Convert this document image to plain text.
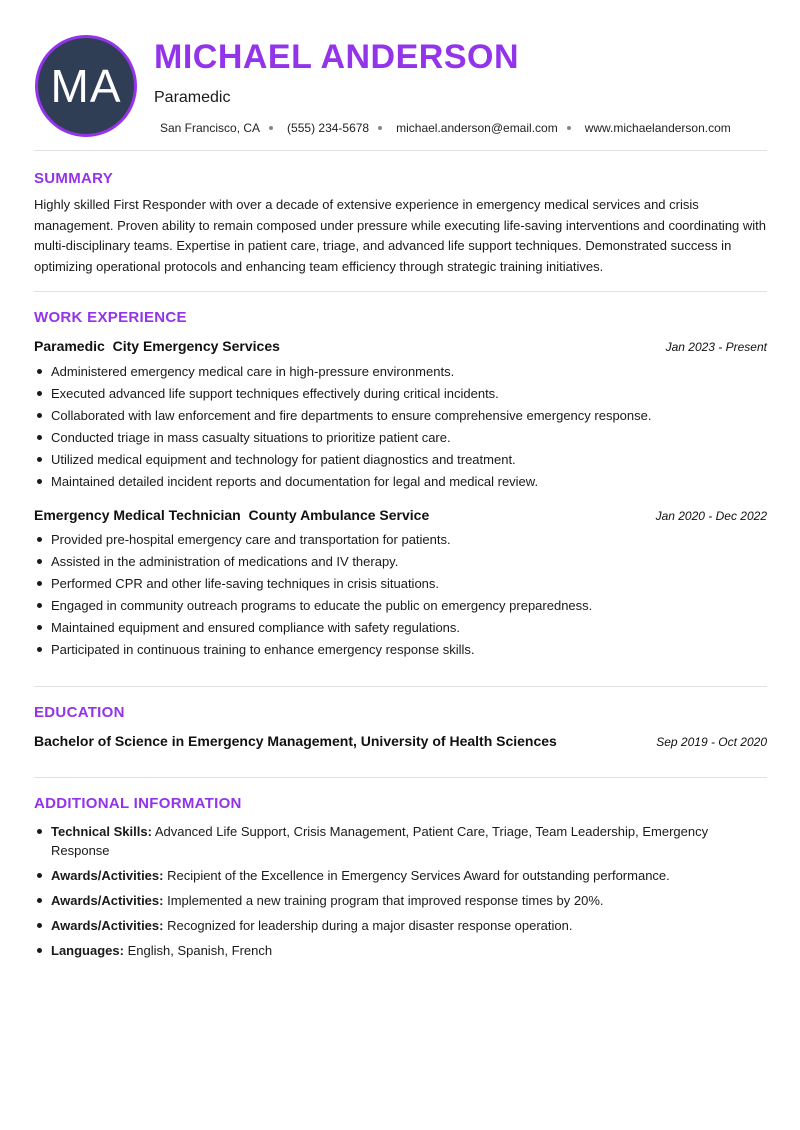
MA
MICHAEL ANDERSON
Paramedic
San Francisco, CA (555) 234-5678 michael.anderson@email.com www.michaelanderson.com
SUMMARY

Highly skilled First Responder with over a decade of extensive experience in emergency medical services and crisis management. Proven ability to remain composed under pressure while executing life-saving interventions and coordinating with multi-disciplinary teams. Expertise in patient care, triage, and advanced life support techniques. Demonstrated success in optimizing operational protocols and enhancing team efficiency through strategic training initiatives.

WORK EXPERIENCE
Paramedic  City Emergency Services	Jan 2023 - Present
Administered emergency medical care in high-pressure environments.
Executed advanced life support techniques effectively during critical incidents.
Collaborated with law enforcement and fire departments to ensure comprehensive emergency response.
Conducted triage in mass casualty situations to prioritize patient care.
Utilized medical equipment and technology for patient diagnostics and treatment.
Maintained detailed incident reports and documentation for legal and medical review.
Emergency Medical Technician  County Ambulance Service	Jan 2020 - Dec 2022
Provided pre-hospital emergency care and transportation for patients.
Assisted in the administration of medications and IV therapy.
Performed CPR and other life-saving techniques in crisis situations.
Engaged in community outreach programs to educate the public on emergency preparedness.
Maintained equipment and ensured compliance with safety regulations.
Participated in continuous training to enhance emergency response skills.
EDUCATION
Bachelor of Science in Emergency Management, University of Health Sciences	Sep 2019 - Oct 2020
ADDITIONAL INFORMATION
Technical Skills: Advanced Life Support, Crisis Management, Patient Care, Triage, Team Leadership, Emergency Response
Awards/Activities: Recipient of the Excellence in Emergency Services Award for outstanding performance.
Awards/Activities: Implemented a new training program that improved response times by 20%.
Awards/Activities: Recognized for leadership during a major disaster response operation.
Languages: English, Spanish, French
